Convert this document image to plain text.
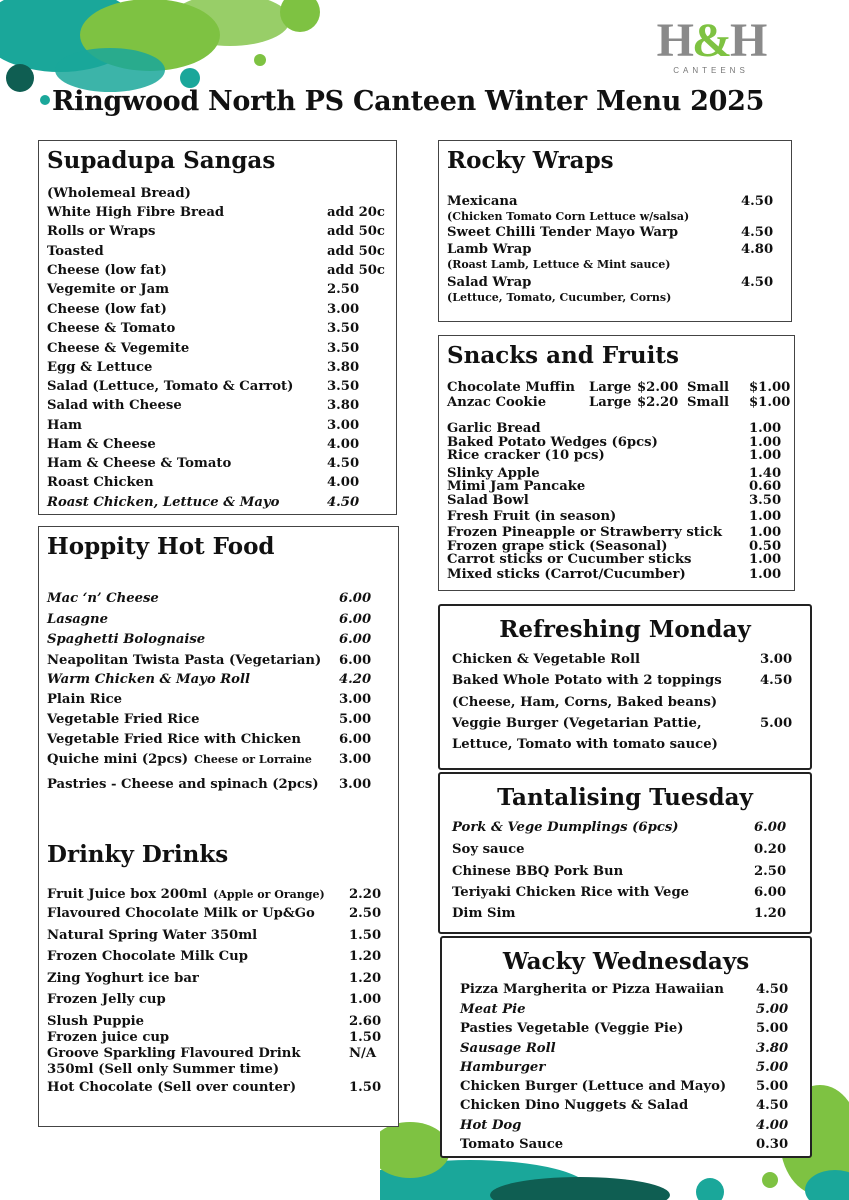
H&H
CANTEENS
Ringwood North PS Canteen Winter Menu 2025
Supadupa Sangas
(Wholemeal Bread)
White High Fibre Bread	add 20c
Rolls or Wraps	add 50c
Toasted	add 50c
Cheese (low fat)	add 50c
Vegemite or Jam	2.50
Cheese (low fat)	3.00
Cheese & Tomato	3.50
Cheese & Vegemite	3.50
Egg & Lettuce	3.80
Salad (Lettuce, Tomato & Carrot)	3.50
Salad with Cheese	3.80
Ham	3.00
Ham & Cheese	4.00
Ham & Cheese & Tomato	4.50
Roast Chicken	4.00
Roast Chicken, Lettuce & Mayo	4.50
Hoppity Hot Food
Drinky Drinks
Mac ‘n’ Cheese	6.00
Lasagne	6.00
Spaghetti Bolognaise	6.00
Neapolitan Twista Pasta (Vegetarian) 6.00
Warm Chicken & Mayo Roll	4.20
Plain Rice	3.00
Vegetable Fried Rice	5.00
Vegetable Fried Rice with Chicken	6.00
Quiche mini (2pcs) Cheese or Lorraine 3.00
Pastries - Cheese and spinach (2pcs) 3.00
Fruit Juice box 200ml (Apple or Orange) 2.20
Flavoured Chocolate Milk or Up&Go	2.50
Natural Spring Water 350ml	1.50
Frozen Chocolate Milk Cup	1.20
Zing Yoghurt ice bar	1.20
Frozen Jelly cup	1.00
Slush Puppie	2.60
Frozen juice cup	1.50
Groove Sparkling Flavoured Drink	N/A
350ml (Sell only Summer time)
Hot Chocolate (Sell over counter)	1.50
Rocky Wraps
Mexicana	4.50
(Chicken Tomato Corn Lettuce w/salsa)
Sweet Chilli Tender Mayo Warp	4.50
Lamb Wrap	4.80
(Roast Lamb, Lettuce & Mint sauce)
Salad Wrap	4.50
(Lettuce, Tomato, Cucumber, Corns)
Snacks and Fruits
Chocolate Muffin Large $2.00 Small $1.00
Anzac Cookie	Large $2.20 Small $1.00
Garlic Bread	1.00
Baked Potato Wedges (6pcs)	1.00
Rice cracker (10 pcs)	1.00
Slinky Apple	1.40
Mimi Jam Pancake	0.60
Salad Bowl	3.50
Fresh Fruit (in season)	1.00
Frozen Pineapple or Strawberry stick 1.00
Frozen grape stick (Seasonal)	0.50
Carrot sticks or Cucumber sticks	1.00
Mixed sticks (Carrot/Cucumber)	1.00
Refreshing Monday
Chicken & Vegetable Roll	3.00
Baked Whole Potato with 2 toppings	4.50
(Cheese, Ham, Corns, Baked beans)
Veggie Burger (Vegetarian Pattie,	5.00
Lettuce, Tomato with tomato sauce)
Tantalising Tuesday
Pork & Vege Dumplings (6pcs)	6.00
Soy sauce	0.20
Chinese BBQ Pork Bun	2.50
Teriyaki Chicken Rice with Vege	6.00
Dim Sim	1.20
Wacky Wednesdays
Pizza Margherita or Pizza Hawaiian 4.50
Meat Pie	5.00
Pasties Vegetable (Veggie Pie)	5.00
Sausage Roll	3.80
Hamburger	5.00
Chicken Burger (Lettuce and Mayo) 5.00
Chicken Dino Nuggets & Salad	4.50
Hot Dog	4.00
Tomato Sauce	0.30
